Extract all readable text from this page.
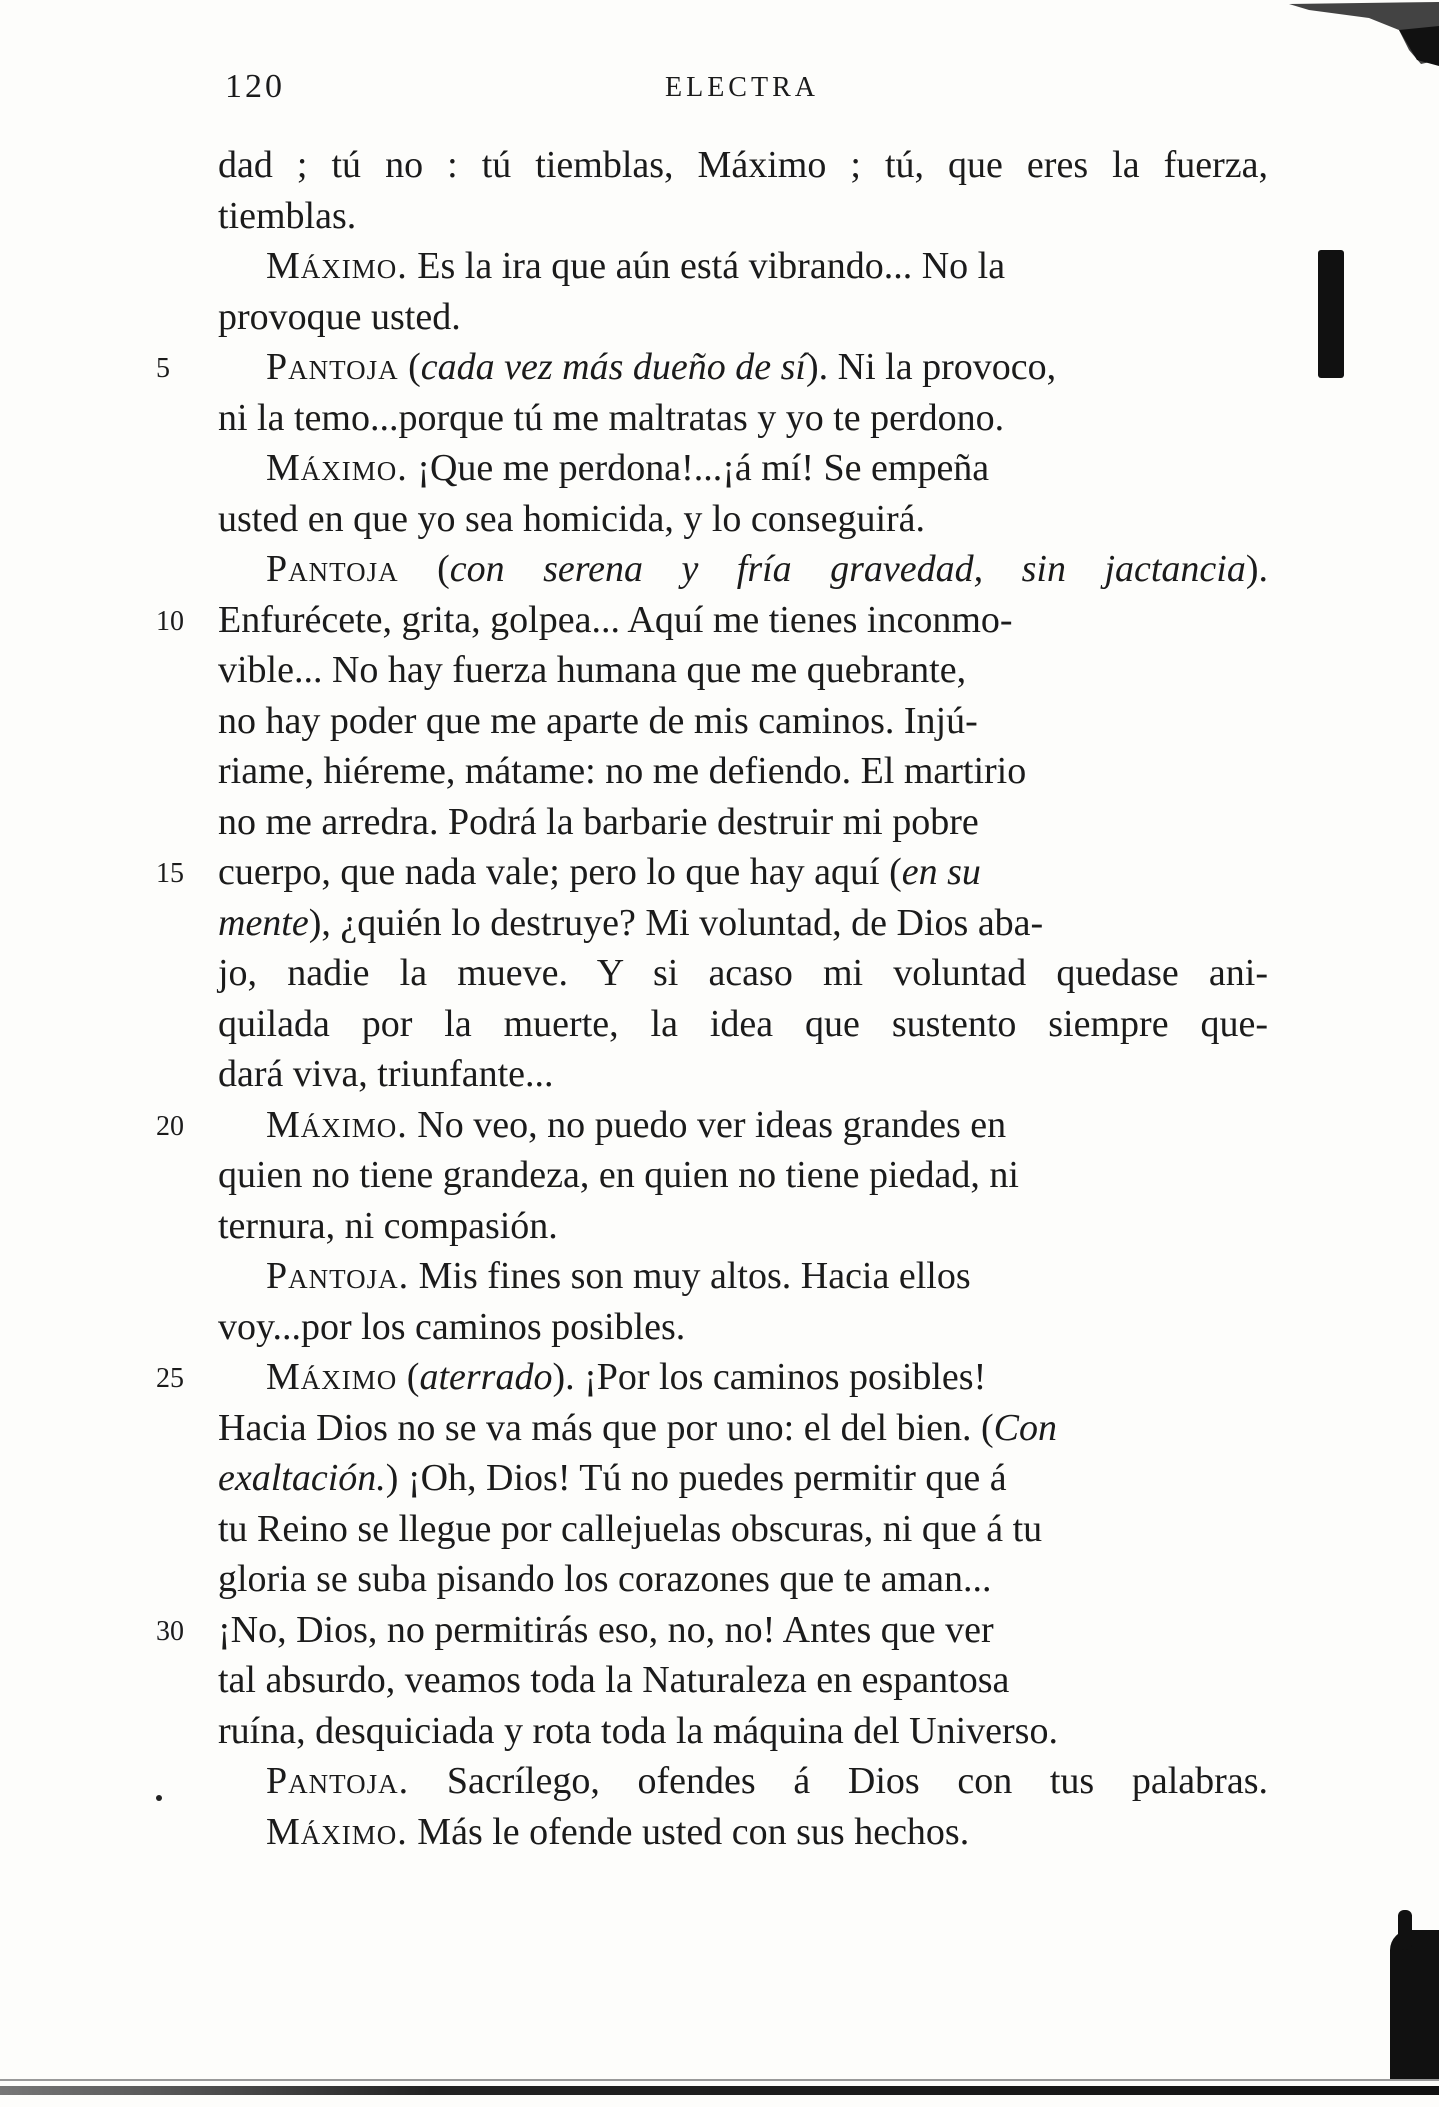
120	ELECTRA
dad ; tú no : tú tiemblas, Máximo ; tú, que eres la fuerza,
tiemblas.
Máximo. Es la ira que aún está vibrando... No la
provoque usted.
5	Pantoja (cada vez más dueño de sí). Ni la provoco,
ni la temo...porque tú me maltratas y yo te perdono.
Máximo. ¡Que me perdona!...¡á mí! Se empeña
usted en que yo sea homicida, y lo conseguirá.
Pantoja (con serena y fría gravedad, sin jactancia).
10 Enfurécete, grita, golpea... Aquí me tienes inconmo-
vible... No hay fuerza humana que me quebrante,
no hay poder que me aparte de mis caminos. Injú-
riame, hiéreme, mátame: no me defiendo. El martirio
no me arredra. Podrá la barbarie destruir mi pobre
15 cuerpo, que nada vale; pero lo que hay aquí (en su
mente), ¿quién lo destruye? Mi voluntad, de Dios aba-
jo, nadie la mueve. Y si acaso mi voluntad quedase ani-
quilada por la muerte, la idea que sustento siempre que-
dará viva, triunfante...
20	Máximo. No veo, no puedo ver ideas grandes en
quien no tiene grandeza, en quien no tiene piedad, ni
ternura, ni compasión.
Pantoja. Mis fines son muy altos. Hacia ellos
voy...por los caminos posibles.
25	Máximo (aterrado). ¡Por los caminos posibles!
Hacia Dios no se va más que por uno: el del bien. (Con
exaltación.) ¡Oh, Dios! Tú no puedes permitir que á
tu Reino se llegue por callejuelas obscuras, ni que á tu
gloria se suba pisando los corazones que te aman...
30 ¡No, Dios, no permitirás eso, no, no! Antes que ver
tal absurdo, veamos toda la Naturaleza en espantosa
ruína, desquiciada y rota toda la máquina del Universo.
Pantoja. Sacrílego, ofendes á Dios con tus palabras.
Máximo. Más le ofende usted con sus hechos.
